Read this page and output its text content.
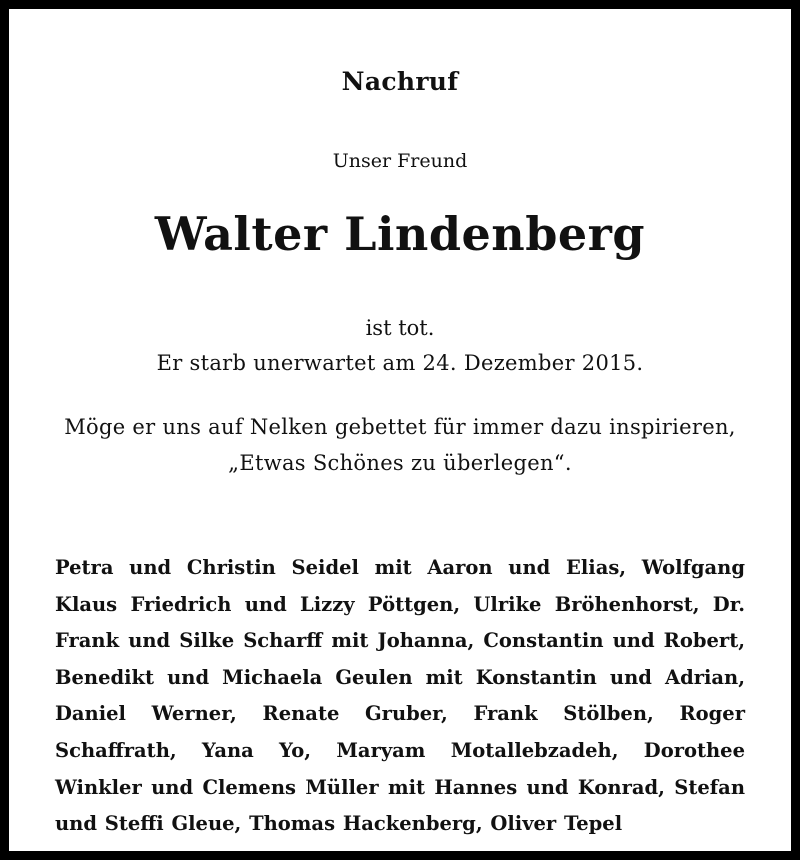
Nachruf
Unser Freund
Walter Lindenberg
ist tot.
Er starb unerwartet am 24. Dezember 2015.
Möge er uns auf Nelken gebettet für immer dazu inspirieren,
„Etwas Schönes zu überlegen“.
Petra und Christin Seidel mit Aaron und Elias, Wolfgang Klaus Friedrich und Lizzy Pöttgen, Ulrike Bröhenhorst, Dr. Frank und Silke Scharff mit Johanna, Constantin und Robert, Benedikt und Michaela Geulen mit Konstantin und Adrian, Daniel Werner, Renate Gruber, Frank Stölben, Roger Schaffrath, Yana Yo, Maryam Motallebzadeh, Dorothee Winkler und Clemens Müller mit Hannes und Konrad, Stefan und Steffi Gleue, Thomas Hackenberg, Oliver Tepel
